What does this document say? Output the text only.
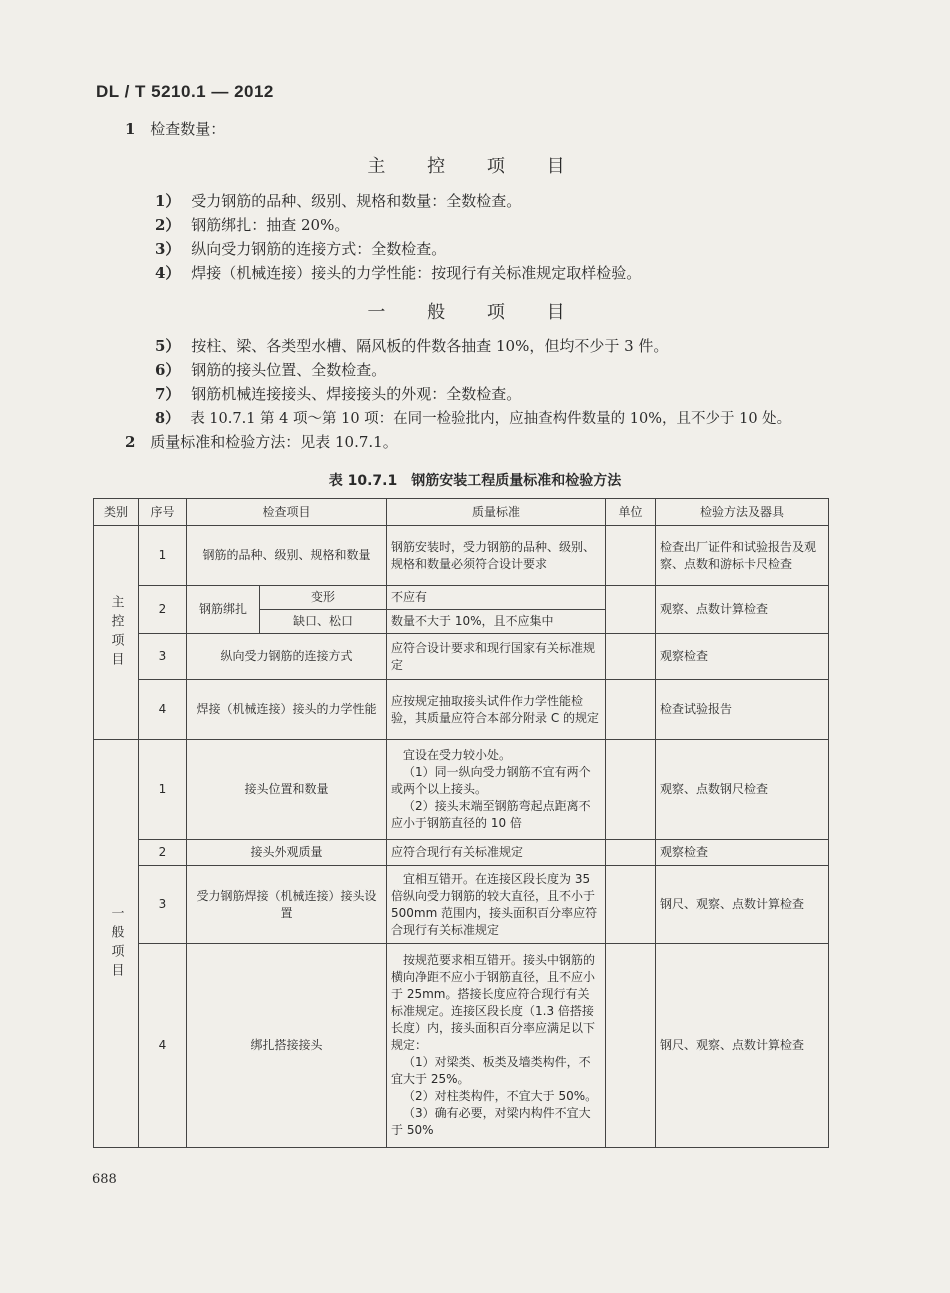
DL / T 5210.1 — 2012
1 检查数量：
主 控 项 目
1） 受力钢筋的品种、级别、规格和数量：全数检查。
2） 钢筋绑扎：抽查 20%。
3） 纵向受力钢筋的连接方式：全数检查。
4） 焊接（机械连接）接头的力学性能：按现行有关标准规定取样检验。
一 般 项 目
5） 按柱、梁、各类型水槽、隔风板的件数各抽查 10%，但均不少于 3 件。
6） 钢筋的接头位置、全数检查。
7） 钢筋机械连接接头、焊接接头的外观：全数检查。
8） 表 10.7.1 第 4 项～第 10 项：在同一检验批内，应抽查构件数量的 10%，且不少于 10 处。
2 质量标准和检验方法：见表 10.7.1。
表 10.7.1　钢筋安装工程质量标准和检验方法
类别	序号	检查项目		质量标准	单位	检验方法及器具
主控项目	1	钢筋的品种、级别、规格和数量		钢筋安装时，受力钢筋的品种、级别、规格和数量必须符合设计要求		检查出厂证件和试验报告及观察、点数和游标卡尺检查
	2	钢筋绑扎	变形	不应有		观察、点数计算检查
			缺口、松口	数量不大于 10%，且不应集中		
	3	纵向受力钢筋的连接方式		应符合设计要求和现行国家有关标准规定		观察检查
	4	焊接（机械连接）接头的力学性能		应按规定抽取接头试件作力学性能检验，其质量应符合本部分附录 C 的规定		检查试验报告
一般项目	1	接头位置和数量		宜设在受力较小处。
（1）同一纵向受力钢筋不宜有两个或两个以上接头。
（2）接头末端至钢筋弯起点距离不应小于钢筋直径的 10 倍		观察、点数钢尺检查
	2	接头外观质量		应符合现行有关标准规定		观察检查
	3	受力钢筋焊接（机械连接）接头设置		宜相互错开。在连接区段长度为 35 倍纵向受力钢筋的较大直径，且不小于 500mm 范围内，接头面积百分率应符合现行有关标准规定		钢尺、观察、点数计算检查
	4	绑扎搭接接头		按规范要求相互错开。接头中钢筋的横向净距不应小于钢筋直径，且不应小于 25mm。搭接长度应符合现行有关标准规定。连接区段长度（1.3 倍搭接长度）内，接头面积百分率应满足以下规定：
（1）对梁类、板类及墙类构件，不宜大于 25%。
（2）对柱类构件，不宜大于 50%。
（3）确有必要，对梁内构件不宜大于 50%		钢尺、观察、点数计算检查
688
